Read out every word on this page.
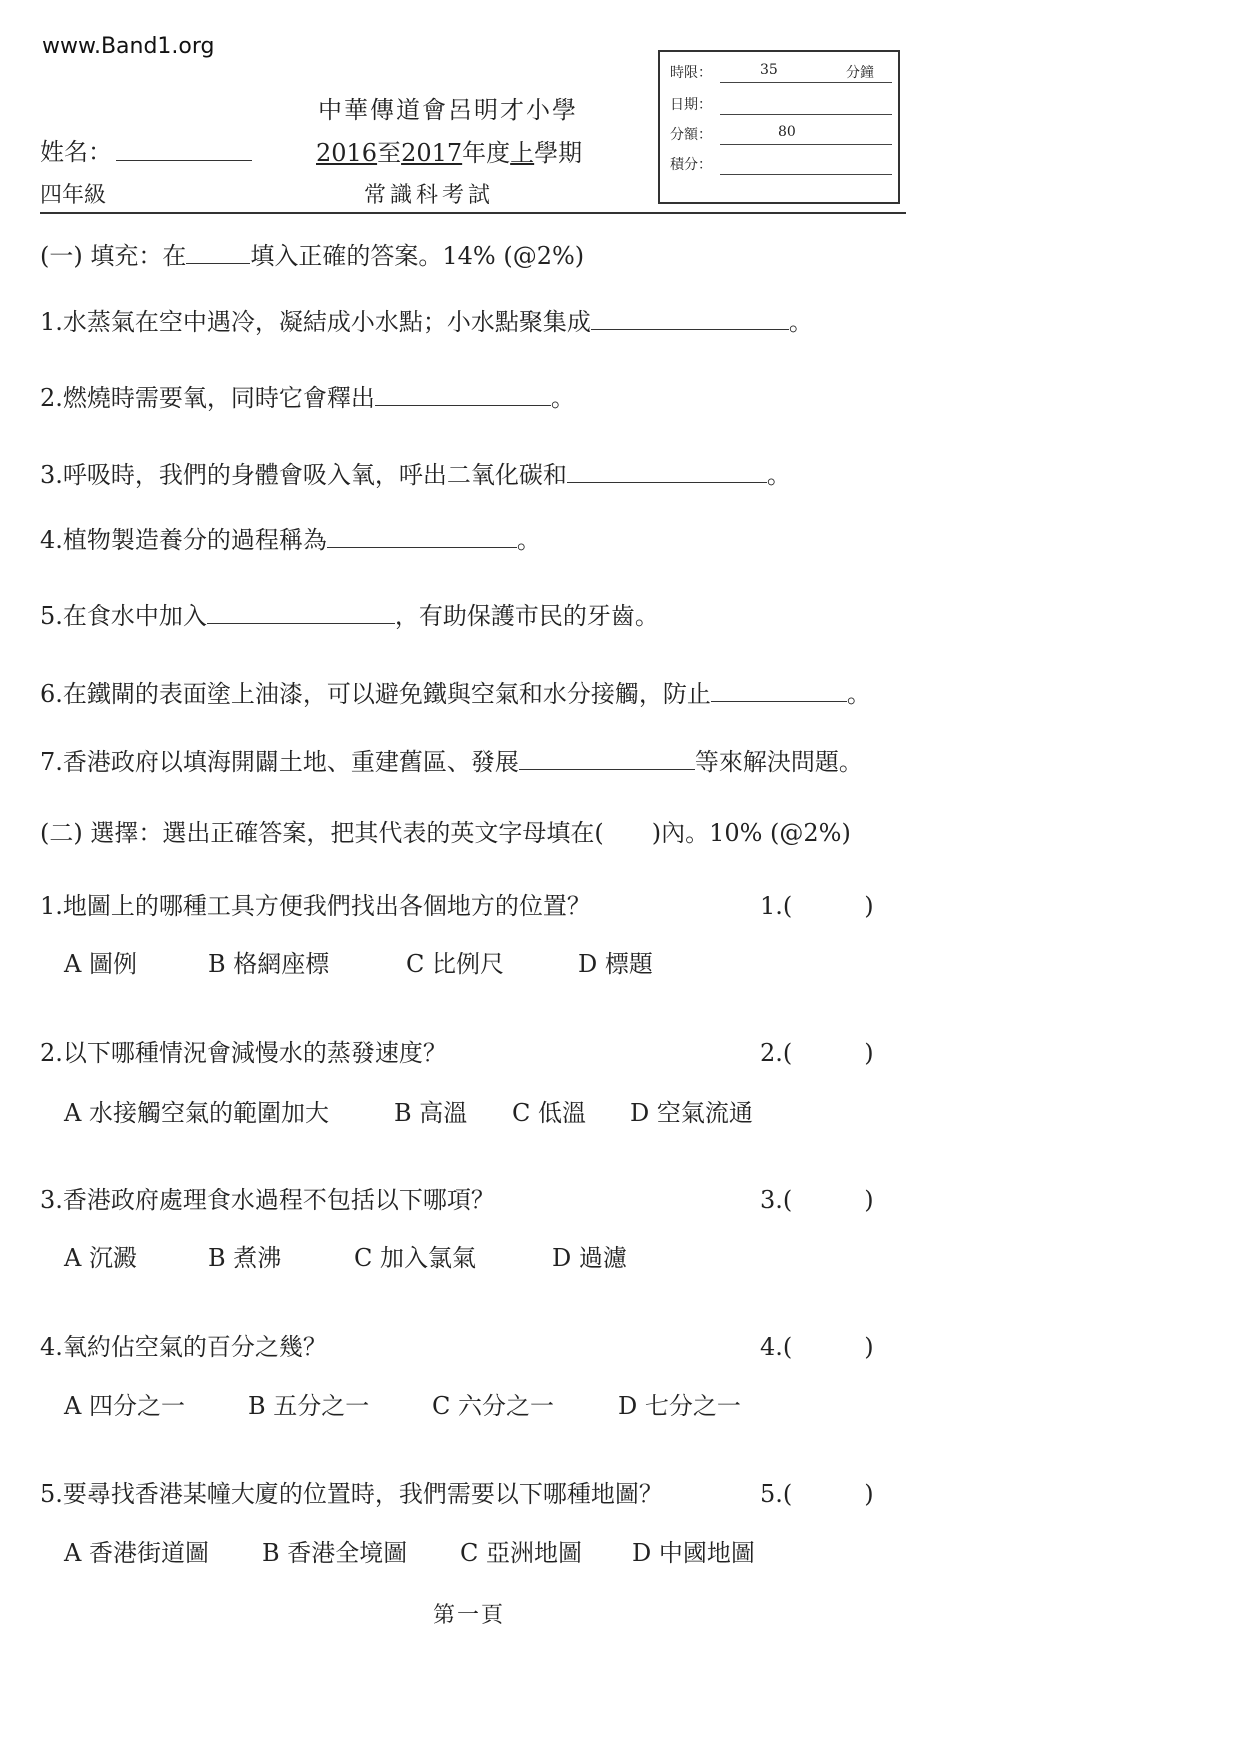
www.Band1.org
中華傳道會呂明才小學
2016至2017年度上學期
常識科考試
姓名：
四年級
時限：	35	分鐘
日期：
分額：	80
積分：
(一) 填充：在	填入正確的答案。14% (@2%)
1.水蒸氣在空中遇冷，凝結成小水點；小水點聚集成	。
2.燃燒時需要氧，同時它會釋出	。
3.呼吸時，我們的身體會吸入氧，呼出二氧化碳和	。
4.植物製造養分的過程稱為	。
5.在食水中加入	，有助保護市民的牙齒。
6.在鐵閘的表面塗上油漆，可以避免鐵與空氣和水分接觸，防止	。
7.香港政府以填海開闢土地、重建舊區、發展	等來解決問題。
(二) 選擇：選出正確答案，把其代表的英文字母填在(　　)內。10% (@2%)
1.地圖上的哪種工具方便我們找出各個地方的位置？	1.(　　　)
A 圖例	B 格網座標	C 比例尺	D 標題
2.以下哪種情況會減慢水的蒸發速度？	2.(　　　)
A 水接觸空氣的範圍加大	B 高溫 C 低溫 D 空氣流通
3.香港政府處理食水過程不包括以下哪項？	3.(　　　)
A 沉澱	B 煮沸	C 加入氯氣	D 過濾
4.氧約佔空氣的百分之幾？	4.(　　　)
A 四分之一	B 五分之一	C 六分之一	D 七分之一
5.要尋找香港某幢大廈的位置時，我們需要以下哪種地圖？	5.(　　　)
A 香港街道圖 B 香港全境圖 C 亞洲地圖 D 中國地圖
第一頁
